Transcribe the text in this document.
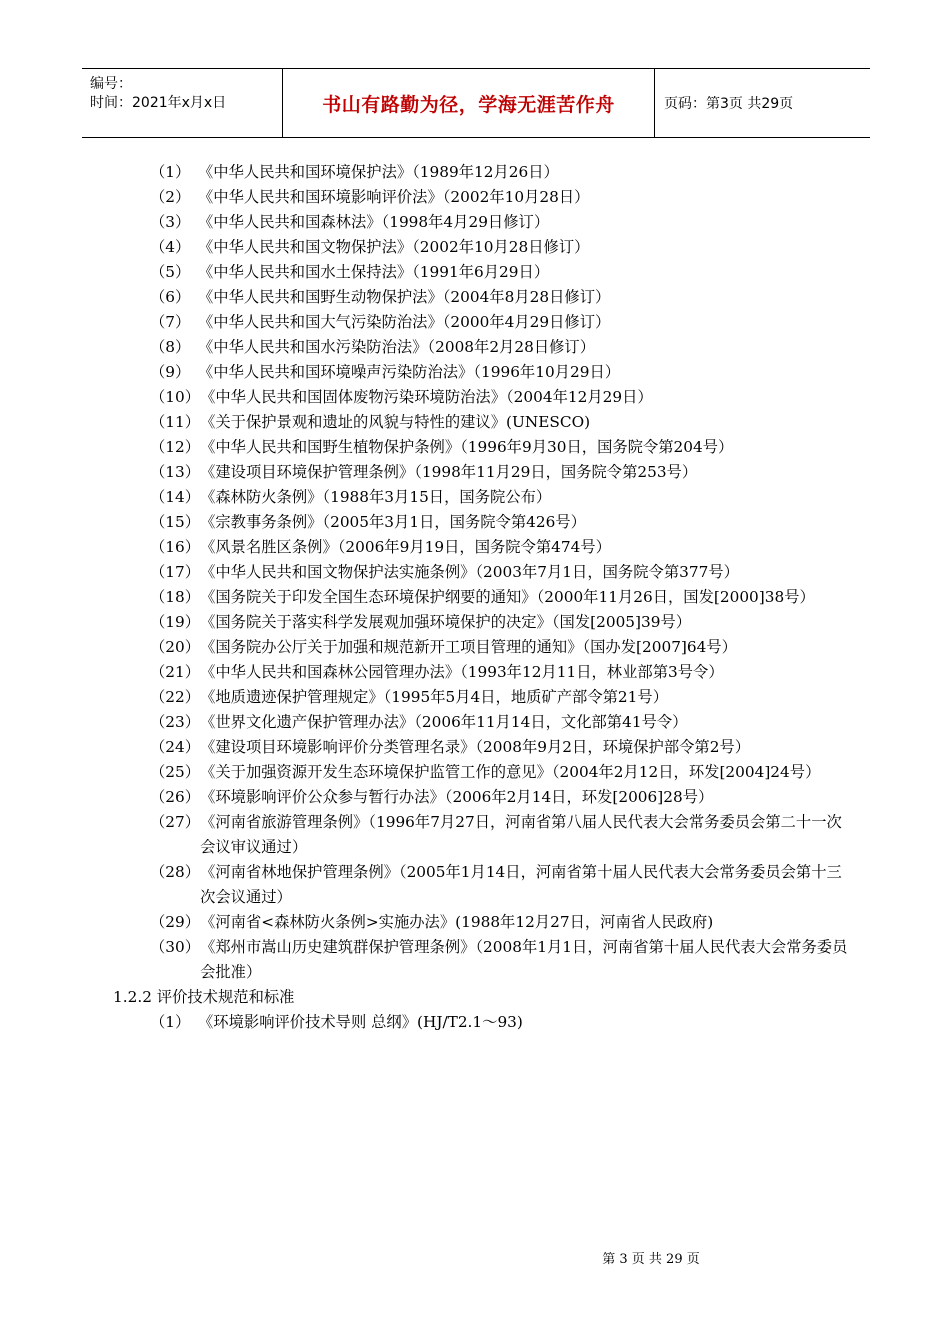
编号：
时间：2021年x月x日	书山有路勤为径，学海无涯苦作舟	页码：第3页 共29页
（1） 《中华人民共和国环境保护法》（1989年12月26日）
（2） 《中华人民共和国环境影响评价法》（2002年10月28日）
（3） 《中华人民共和国森林法》（1998年4月29日修订）
（4） 《中华人民共和国文物保护法》（2002年10月28日修订）
（5） 《中华人民共和国水土保持法》（1991年6月29日）
（6） 《中华人民共和国野生动物保护法》（2004年8月28日修订）
（7） 《中华人民共和国大气污染防治法》（2000年4月29日修订）
（8） 《中华人民共和国水污染防治法》（2008年2月28日修订）
（9） 《中华人民共和国环境噪声污染防治法》（1996年10月29日）
（10） 《中华人民共和国固体废物污染环境防治法》（2004年12月29日）
（11） 《关于保护景观和遗址的风貌与特性的建议》(UNESCO)
（12） 《中华人民共和国野生植物保护条例》（1996年9月30日，国务院令第204号）
（13） 《建设项目环境保护管理条例》（1998年11月29日，国务院令第253号）
（14） 《森林防火条例》（1988年3月15日，国务院公布）
（15） 《宗教事务条例》（2005年3月1日，国务院令第426号）
（16） 《风景名胜区条例》（2006年9月19日，国务院令第474号）
（17） 《中华人民共和国文物保护法实施条例》（2003年7月1日，国务院令第377号）
（18） 《国务院关于印发全国生态环境保护纲要的通知》（2000年11月26日，国发[2000]38号）
（19） 《国务院关于落实科学发展观加强环境保护的决定》（国发[2005]39号）
（20） 《国务院办公厅关于加强和规范新开工项目管理的通知》（国办发[2007]64号）
（21） 《中华人民共和国森林公园管理办法》（1993年12月11日，林业部第3号令）
（22） 《地质遗迹保护管理规定》（1995年5月4日，地质矿产部令第21号）
（23） 《世界文化遗产保护管理办法》（2006年11月14日，文化部第41号令）
（24） 《建设项目环境影响评价分类管理名录》（2008年9月2日，环境保护部令第2号）
（25） 《关于加强资源开发生态环境保护监管工作的意见》（2004年2月12日，环发[2004]24号）
（26） 《环境影响评价公众参与暂行办法》（2006年2月14日，环发[2006]28号）
（27） 《河南省旅游管理条例》（1996年7月27日，河南省第八届人民代表大会常务委员会第二十一次会议审议通过）
（28） 《河南省林地保护管理条例》（2005年1月14日，河南省第十届人民代表大会常务委员会第十三次会议通过）
（29） 《河南省<森林防火条例>实施办法》(1988年12月27日，河南省人民政府)
（30） 《郑州市嵩山历史建筑群保护管理条例》（2008年1月1日，河南省第十届人民代表大会常务委员会批准）
1.2.2 评价技术规范和标准
（1） 《环境影响评价技术导则 总纲》(HJ/T2.1～93)
第 3 页 共 29 页
